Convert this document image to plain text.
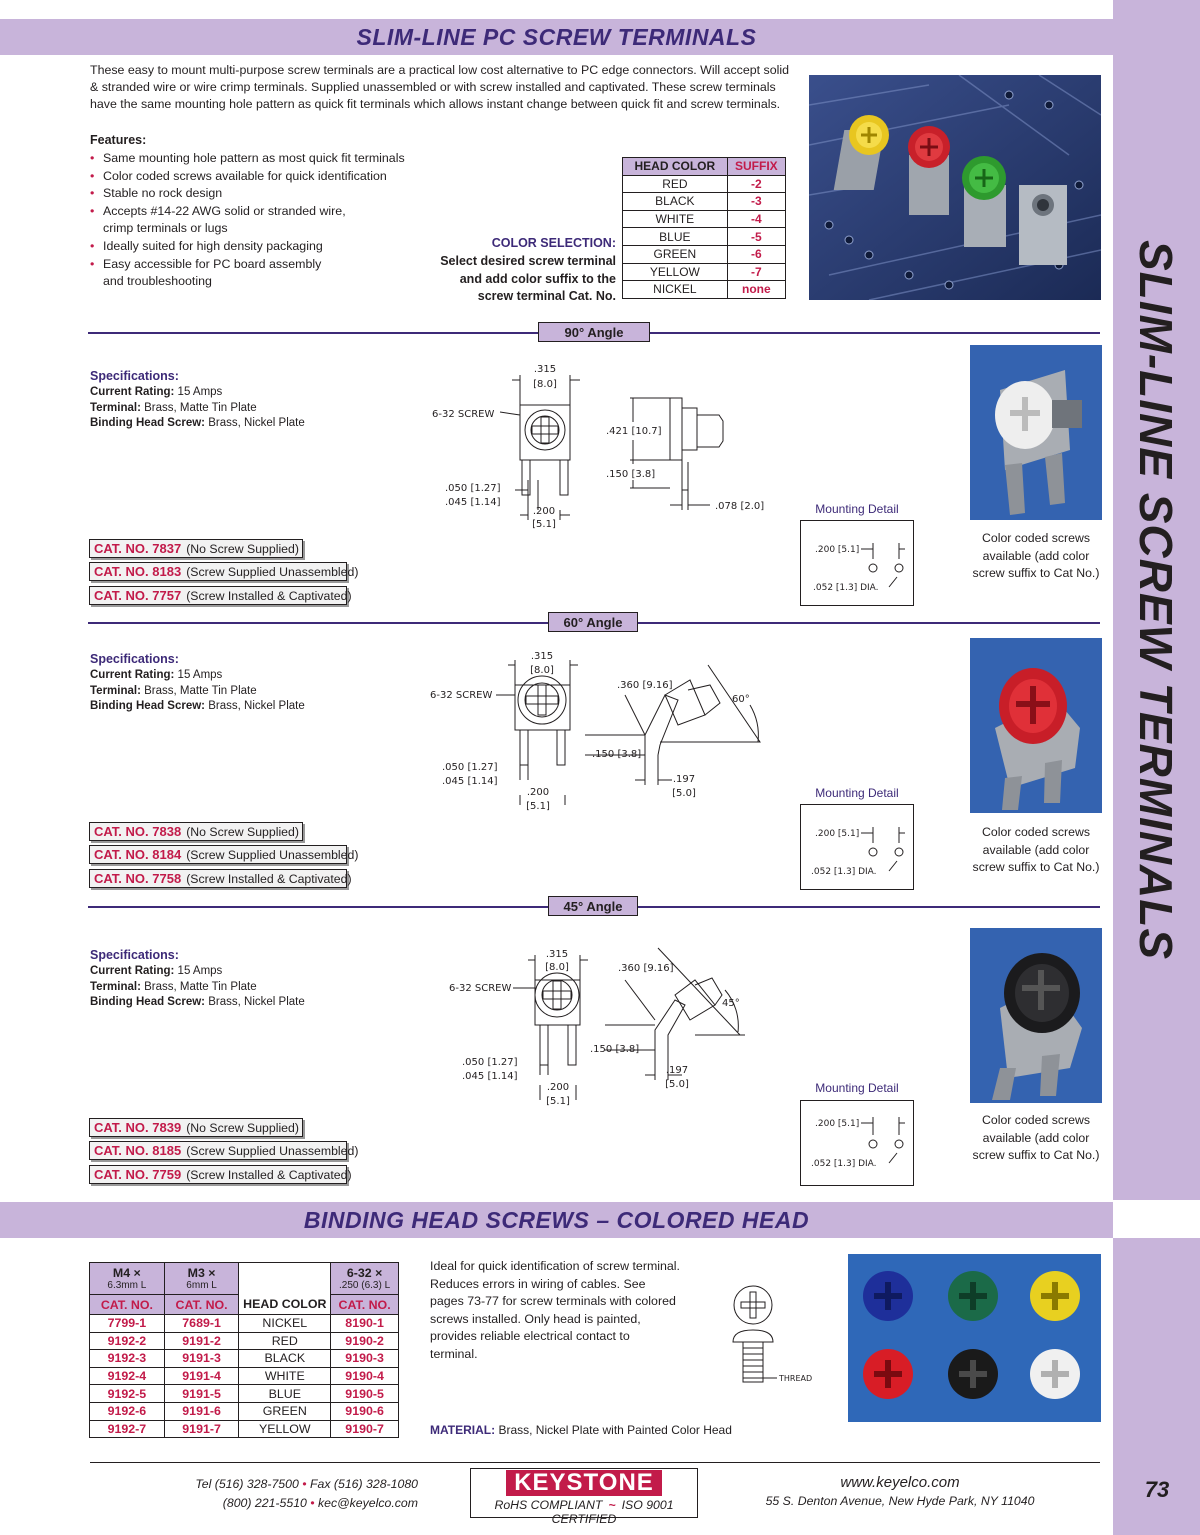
SLIM-LINE SCREW TERMINALS
SLIM-LINE PC SCREW TERMINALS

These easy to mount multi-purpose screw terminals are a practical low cost alternative to PC edge connectors. Will accept solid & stranded wire or wire crimp terminals. Supplied unassembled or with screw installed and captivated. These screw terminals have the same mounting hole pattern as quick fit terminals which allows instant change between quick fit and screw terminals.

Features:
• Same mounting hole pattern as most quick fit terminals
• Color coded screws available for quick identification
• Stable no rock design
• Accepts #14-22 AWG solid or stranded wire, crimp terminals or lugs
• Ideally suited for high density packaging
• Easy accessible for PC board assembly and troubleshooting
COLOR SELECTION:
Select desired screw terminal
and add color suffix to the
screw terminal Cat. No.
HEAD COLOR	SUFFIX
RED	-2
BLACK	-3
WHITE	-4
BLUE	-5
GREEN	-6
YELLOW	-7
NICKEL	none
90° Angle
Specifications:
Current Rating: 15 Amps
Terminal: Brass, Matte Tin Plate
Binding Head Screw: Brass, Nickel Plate
.315
[8.0]
6-32 SCREW
.421 [10.7]
.150 [3.8]
.050 [1.27]
.045 [1.14]
.200
[5.1]
.078 [2.0]
CAT. NO. 7837 (No Screw Supplied)
CAT. NO. 8183 (Screw Supplied Unassembled)
CAT. NO. 7757 (Screw Installed & Captivated)
Mounting Detail
.200 [5.1]
.052 [1.3] DIA.
Color coded screws available (add color screw suffix to Cat No.)
60° Angle
Specifications:
Current Rating: 15 Amps
Terminal: Brass, Matte Tin Plate
Binding Head Screw: Brass, Nickel Plate
.315
[8.0]
6-32 SCREW
.360 [9.16]
60°
.150 [3.8]
.050 [1.27]
.045 [1.14]
.200
[5.1]
.197
[5.0]
CAT. NO. 7838 (No Screw Supplied)
CAT. NO. 8184 (Screw Supplied Unassembled)
CAT. NO. 7758 (Screw Installed & Captivated)
Mounting Detail
.200 [5.1]
.052 [1.3] DIA.
Color coded screws available (add color screw suffix to Cat No.)
45° Angle
Specifications:
Current Rating: 15 Amps
Terminal: Brass, Matte Tin Plate
Binding Head Screw: Brass, Nickel Plate
.315
[8.0]
6-32 SCREW
.360 [9.16]
45°
.150 [3.8]
.050 [1.27]
.045 [1.14]
.200
[5.1]
.197
[5.0]
CAT. NO. 7839 (No Screw Supplied)
CAT. NO. 8185 (Screw Supplied Unassembled)
CAT. NO. 7759 (Screw Installed & Captivated)
Mounting Detail
.200 [5.1]
.052 [1.3] DIA.
Color coded screws available (add color screw suffix to Cat No.)
BINDING HEAD SCREWS – COLORED HEAD
M4 ×
6.3mm L	M3 ×
6mm L		6-32 ×
.250 (6.3) L

CAT. NO.	CAT. NO.	HEAD COLOR	CAT. NO.
7799-1	7689-1	NICKEL	8190-1
9192-2	9191-2	RED	9190-2
9192-3	9191-3	BLACK	9190-3
9192-4	9191-4	WHITE	9190-4
9192-5	9191-5	BLUE	9190-5
9192-6	9191-6	GREEN	9190-6
9192-7	9191-7	YELLOW	9190-7

Ideal for quick identification of screw terminal. Reduces errors in wiring of cables. See pages 73-77 for screw terminals with colored screws installed. Only head is painted, provides reliable electrical contact to terminal.

MATERIAL: Brass, Nickel Plate with Painted Color Head
THREAD
Tel (516) 328-7500 • Fax (516) 328-1080
(800) 221-5510 • kec@keyelco.com
KEYSTONE
RoHS COMPLIANT ~ ISO 9001 CERTIFIED
www.keyelco.com
55 S. Denton Avenue, New Hyde Park, NY 11040	73
